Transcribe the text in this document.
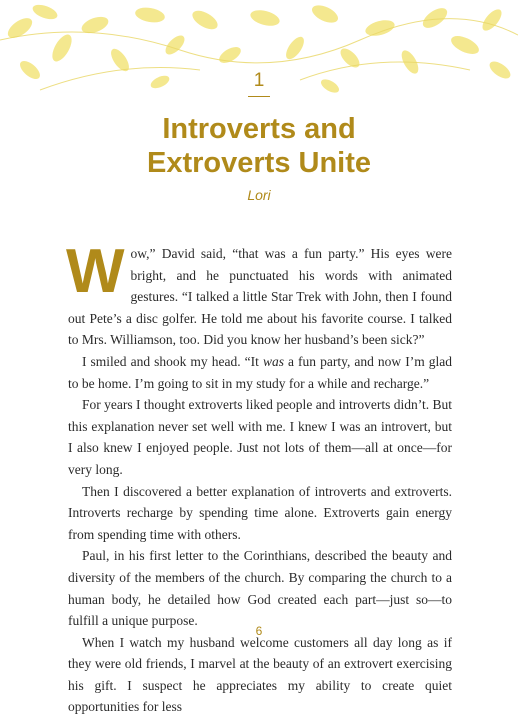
1
Introverts and
Extroverts Unite
Lori

Wow,” David said, “that was a fun party.” His eyes were bright, and he punctuated his words with animated gestures. “I talked a little Star Trek with John, then I found out Pete’s a disc golfer. He told me about his favorite course. I talked to Mrs. Williamson, too. Did you know her husband’s been sick?”

I smiled and shook my head. “It was a fun party, and now I’m glad to be home. I’m going to sit in my study for a while and recharge.”

For years I thought extroverts liked people and introverts didn’t. But this explanation never set well with me. I knew I was an introvert, but I also knew I enjoyed people. Just not lots of them—all at once—for very long.

Then I discovered a better explanation of introverts and extroverts. Introverts recharge by spending time alone. Extroverts gain energy from spending time with others.

Paul, in his first letter to the Corinthians, described the beauty and diversity of the members of the church. By comparing the church to a human body, he detailed how God created each part—just so—to fulfill a unique purpose.

When I watch my husband welcome customers all day long as if they were old friends, I marvel at the beauty of an extrovert exercising his gift. I suspect he appreciates my ability to create quiet opportunities for less

6
